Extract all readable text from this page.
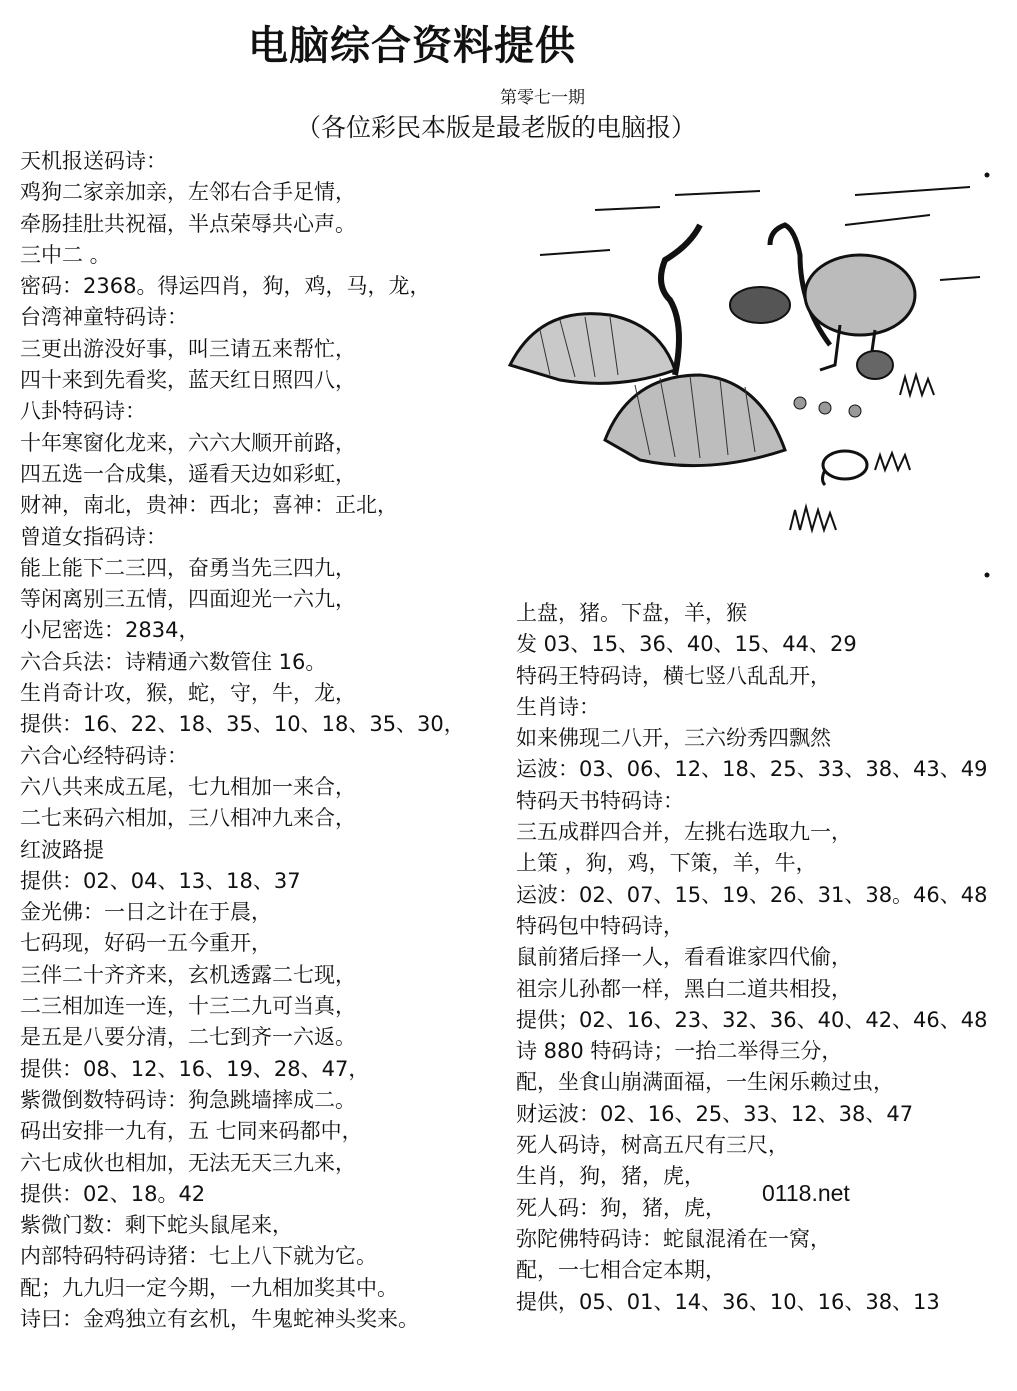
电脑综合资料提供
第零七一期
（各位彩民本版是最老版的电脑报）
天机报送码诗：
鸡狗二家亲加亲，左邻右合手足情，
牵肠挂肚共祝福，半点荣辱共心声。
三中二 。
密码：2368。得运四肖，狗，鸡，马，龙，
台湾神童特码诗：
三更出游没好事，叫三请五来帮忙，
四十来到先看奖，蓝天红日照四八，
八卦特码诗：
十年寒窗化龙来，六六大顺开前路，
四五选一合成集，遥看天边如彩虹，
财神，南北，贵神：西北；喜神：正北，
曾道女指码诗：
能上能下二三四，奋勇当先三四九，
等闲离别三五情，四面迎光一六九，
小尼密选：2834，
六合兵法：诗精通六数管住 16。
生肖奇计攻，猴，蛇，守，牛，龙，
提供：16、22、18、35、10、18、35、30，
六合心经特码诗：
六八共来成五尾，七九相加一来合，
二七来码六相加，三八相冲九来合，
红波路提
提供：02、04、13、18、37
金光佛：一日之计在于晨，
七码现，好码一五今重开，
三伴二十齐齐来，玄机透露二七现，
二三相加连一连，十三二九可当真，
是五是八要分清，二七到齐一六返。
提供：08、12、16、19、28、47，
紫微倒数特码诗：狗急跳墙摔成二。
码出安排一九有，五 七同来码都中，
六七成伙也相加，无法无天三九来，
提供：02、18。42
紫微门数：剩下蛇头鼠尾来，
内部特码特码诗猪：七上八下就为它。
配；九九归一定今期，一九相加奖其中。
诗曰：金鸡独立有玄机，牛鬼蛇神头奖来。
上盘，猪。下盘，羊，猴
发 03、15、36、40、15、44、29
特码王特码诗，横七竖八乱乱开，
生肖诗：
如来佛现二八开，三六纷秀四飘然
运波：03、06、12、18、25、33、38、43、49
特码天书特码诗：
三五成群四合并，左挑右选取九一，
上策 ，狗，鸡，下策，羊，牛，
运波：02、07、15、19、26、31、38。46、48
特码包中特码诗，
鼠前猪后择一人，看看谁家四代偷，
祖宗儿孙都一样，黑白二道共相投，
提供；02、16、23、32、36、40、42、46、48
诗 880 特码诗；一抬二举得三分，
配，坐食山崩满面福，一生闲乐赖过虫，
财运波：02、16、25、33、12、38、47
死人码诗，树高五尺有三尺，
生肖，狗，猪，虎，
死人码：狗，猪，虎，
弥陀佛特码诗：蛇鼠混淆在一窝，
配，一七相合定本期，
提供，05、01、14、36、10、16、38、13
0118.net
